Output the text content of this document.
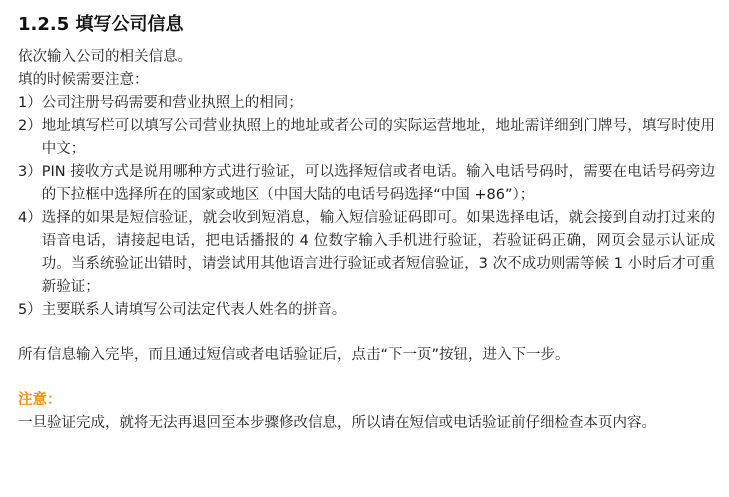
1.2.5 填写公司信息

依次输入公司的相关信息。

填的时候需要注意：

1） 公司注册号码需要和营业执照上的相同；
2） 地址填写栏可以填写公司营业执照上的地址或者公司的实际运营地址，地址需详细到门牌号，填写时使用中文；
3） PIN 接收方式是说用哪种方式进行验证，可以选择短信或者电话。输入电话号码时，需要在电话号码旁边的下拉框中选择所在的国家或地区（中国大陆的电话号码选择“中国 +86”）；
4） 选择的如果是短信验证，就会收到短消息，输入短信验证码即可。如果选择电话，就会接到自动打过来的语音电话，请接起电话，把电话播报的 4 位数字输入手机进行验证，若验证码正确，网页会显示认证成功。当系统验证出错时，请尝试用其他语言进行验证或者短信验证，3 次不成功则需等候 1 小时后才可重新验证；
5） 主要联系人请填写公司法定代表人姓名的拼音。

所有信息输入完毕，而且通过短信或者电话验证后，点击“下一页”按钮，进入下一步。

注意：

一旦验证完成，就将无法再退回至本步骤修改信息，所以请在短信或电话验证前仔细检查本页内容。
